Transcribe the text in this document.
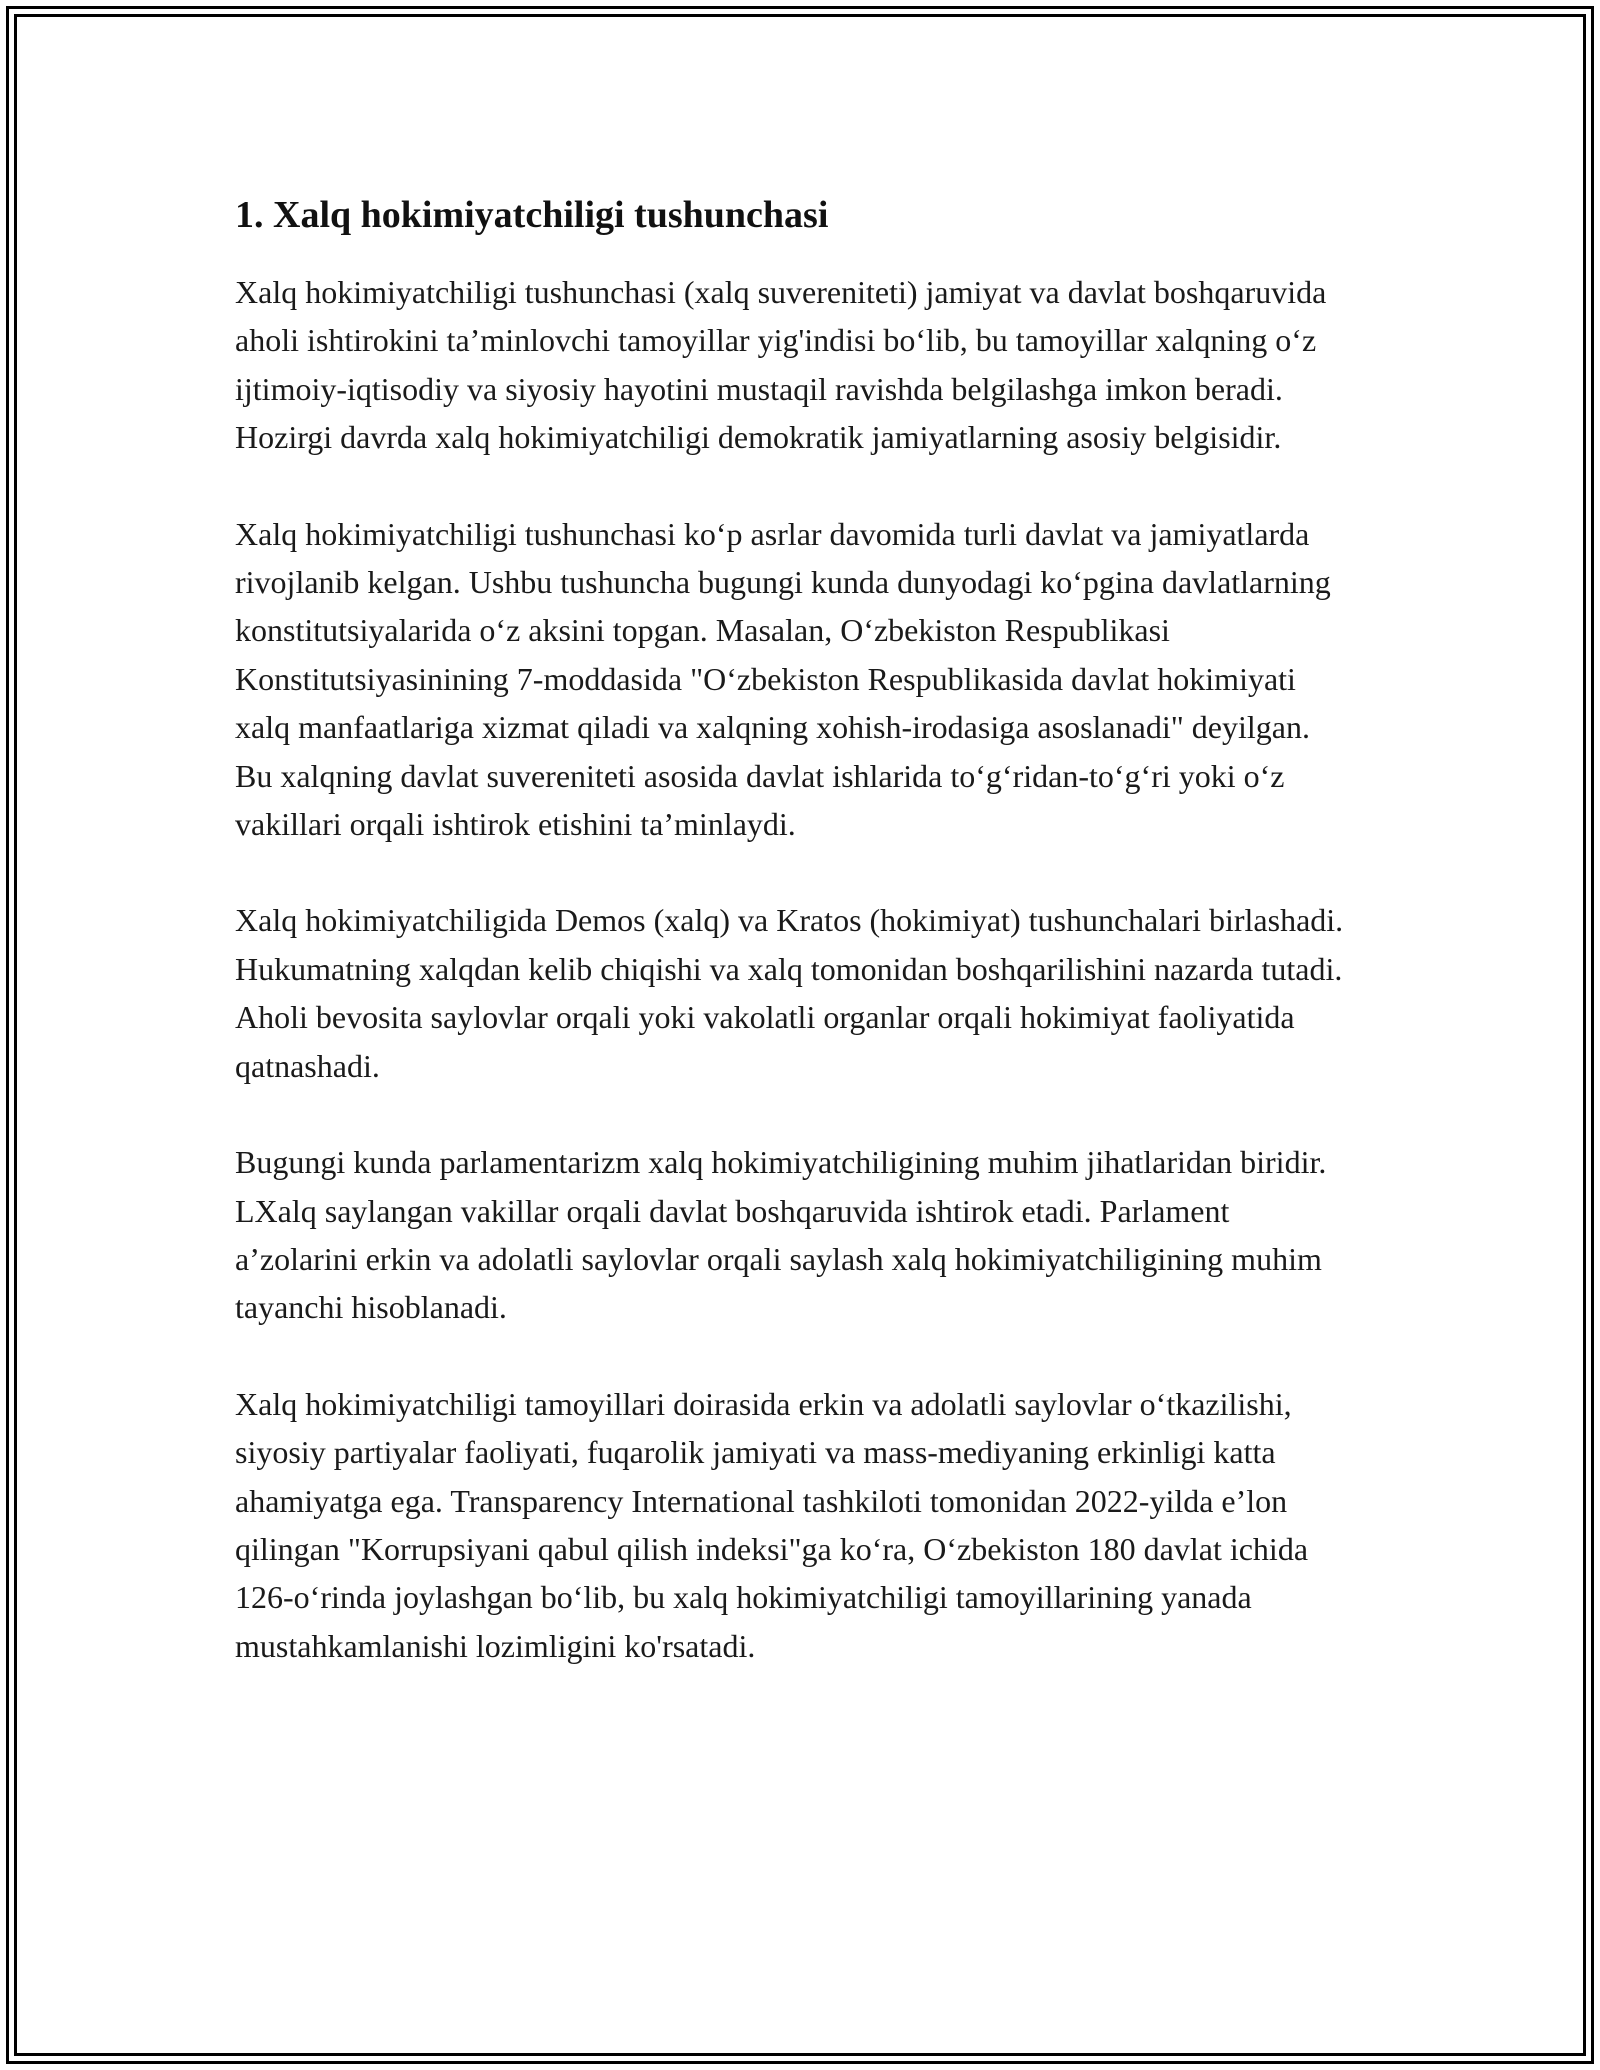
1. Xalq hokimiyatchiligi tushunchasi

Xalq hokimiyatchiligi tushunchasi (xalq suvereniteti) jamiyat va davlat boshqaruvida aholi ishtirokini ta’minlovchi tamoyillar yig'indisi bo‘lib, bu tamoyillar xalqning o‘z ijtimoiy-iqtisodiy va siyosiy hayotini mustaqil ravishda belgilashga imkon beradi. Hozirgi davrda xalq hokimiyatchiligi demokratik jamiyatlarning asosiy belgisidir.

Xalq hokimiyatchiligi tushunchasi ko‘p asrlar davomida turli davlat va jamiyatlarda rivojlanib kelgan. Ushbu tushuncha bugungi kunda dunyodagi ko‘pgina davlatlarning konstitutsiyalarida o‘z aksini topgan. Masalan, O‘zbekiston Respublikasi Konstitutsiyasinining 7-moddasida "O‘zbekiston Respublikasida davlat hokimiyati xalq manfaatlariga xizmat qiladi va xalqning xohish-irodasiga asoslanadi" deyilgan. Bu xalqning davlat suvereniteti asosida davlat ishlarida to‘g‘ridan-to‘g‘ri yoki o‘z vakillari orqali ishtirok etishini ta’minlaydi.

Xalq hokimiyatchiligida Demos (xalq) va Kratos (hokimiyat) tushunchalari birlashadi. Hukumatning xalqdan kelib chiqishi va xalq tomonidan boshqarilishini nazarda tutadi. Aholi bevosita saylovlar orqali yoki vakolatli organlar orqali hokimiyat faoliyatida qatnashadi.

Bugungi kunda parlamentarizm xalq hokimiyatchiligining muhim jihatlaridan biridir. LXalq saylangan vakillar orqali davlat boshqaruvida ishtirok etadi. Parlament a’zolarini erkin va adolatli saylovlar orqali saylash xalq hokimiyatchiligining muhim tayanchi hisoblanadi.

Xalq hokimiyatchiligi tamoyillari doirasida erkin va adolatli saylovlar o‘tkazilishi, siyosiy partiyalar faoliyati, fuqarolik jamiyati va mass-mediyaning erkinligi katta ahamiyatga ega. Transparency International tashkiloti tomonidan 2022-yilda e’lon qilingan "Korrupsiyani qabul qilish indeksi"ga ko‘ra, O‘zbekiston 180 davlat ichida 126-o‘rinda joylashgan bo‘lib, bu xalq hokimiyatchiligi tamoyillarining yanada mustahkamlanishi lozimligini ko'rsatadi.
